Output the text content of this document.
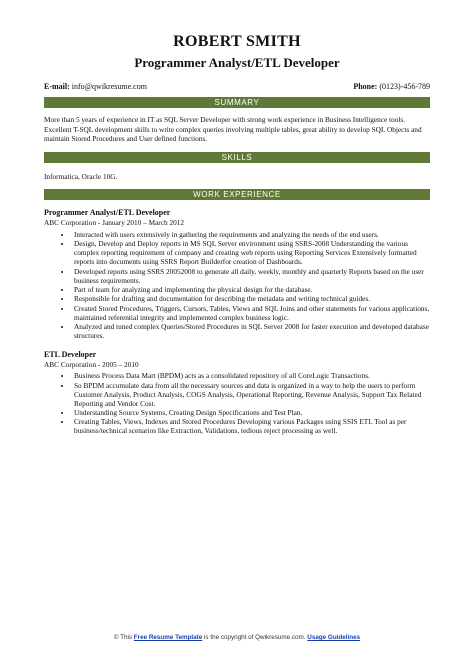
ROBERT SMITH
Programmer Analyst/ETL Developer
E-mail: info@qwikresume.com	Phone: (0123)-456-789
SUMMARY
More than 5 years of experience in IT as SQL Server Developer with strong work experience in Business Intelligence tools. Excellent T-SQL development skills to write complex queries involving multiple tables, great ability to develop SQL Objects and maintain Stored Procedures and User defined functions.
SKILLS
Informatica, Oracle 10G.
WORK EXPERIENCE
Programmer Analyst/ETL Developer
ABC Corporation - January 2010 – March 2012
• Interacted with users extensively in gathering the requirements and analyzing the needs of the end users.
• Design, Develop and Deploy reports in MS SQL Server environment using SSRS-2008 Understanding the various complex reporting requirement of company and creating web reports using Reporting Services Extensively formatted reports into documents using SSRS Report Builderfor creation of Dashboards.
• Developed reports using SSRS 20052008 to generate all daily, weekly, monthly and quarterly Reports based on the user business requirements.
• Part of team for analyzing and implementing the physical design for the database.
• Responsible for drafting and documentation for describing the metadata and writing technical guides.
• Created Stored Procedures, Triggers, Cursors, Tables, Views and SQL Joins and other statements for various applications, maintained referential integrity and implemented complex business logic.
• Analyzed and tuned complex Queries/Stored Procedures in SQL Server 2008 for faster execution and developed database structures.
ETL Developer
ABC Corporation - 2005 – 2010
• Business Process Data Mart (BPDM) acts as a consolidated repository of all CoreLogic Transactions.
• So BPDM accumulate data from all the necessary sources and data is organized in a way to help the users to perform Customer Analysis, Product Analysis, COGS Analysis, Operational Reporting, Revenue Analysis, Support Tax Related Reporting and Vendor Cost.
• Understanding Source Systems, Creating Design Specifications and Test Plan.
• Creating Tables, Views, Indexes and Stored Procedures Developing various Packages using SSIS ETL Tool as per business/technical scenarios like Extraction, Validations, tedious reject processing as well.
© This Free Resume Template is the copyright of Qwikresume.com. Usage Guidelines
